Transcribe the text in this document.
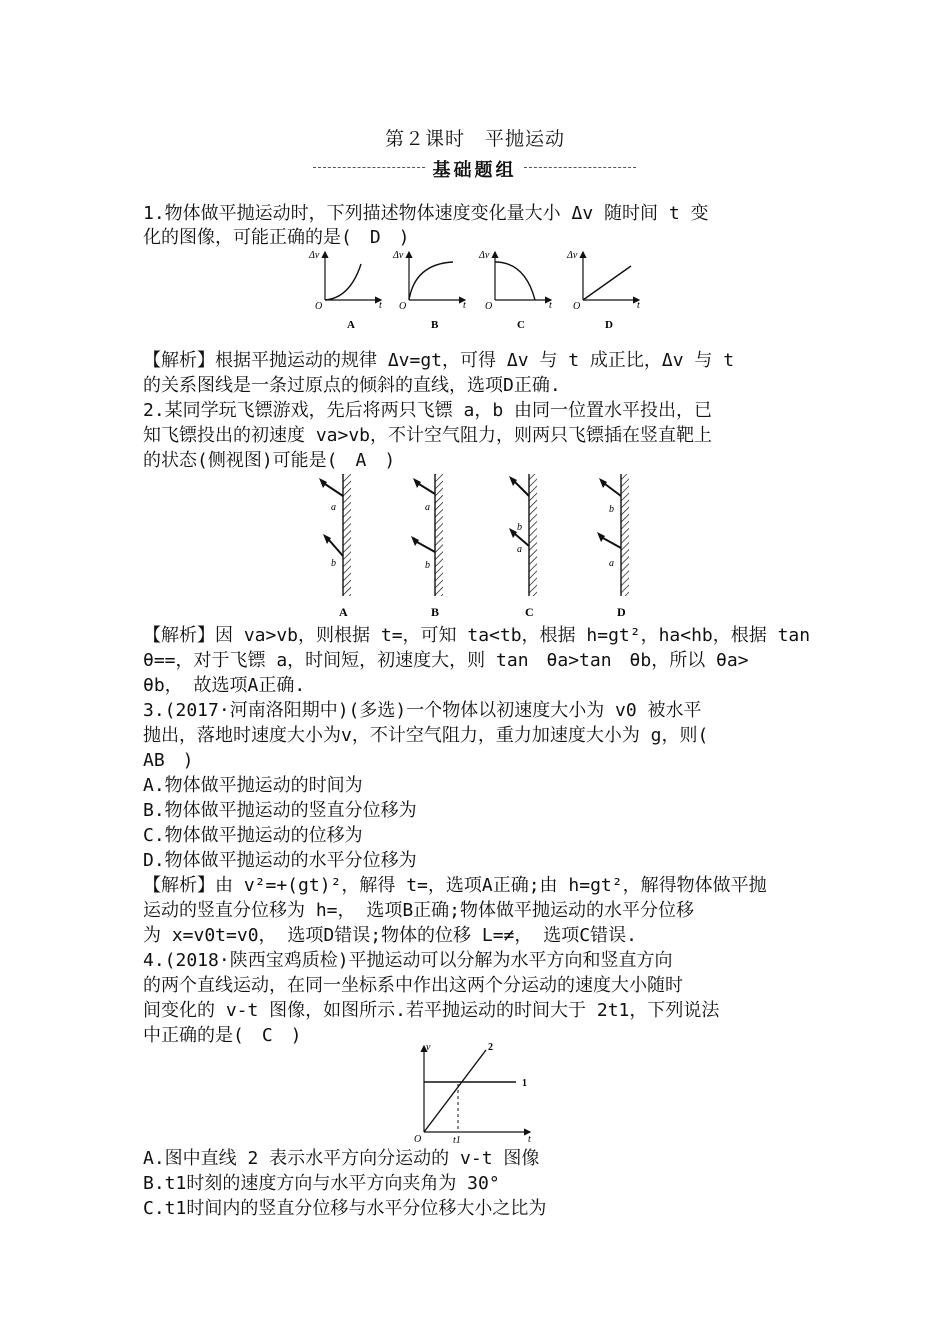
第２课时　平抛运动
基础题组
1.物体做平抛运动时，下列描述物体速度变化量大小 Δv 随时间 t 变
化的图像，可能正确的是(　D　)
Δv
O	t
A
Δv
O	t
B
Δv
O	t
C
Δv
O	t
D
【解析】根据平抛运动的规律 Δv=gt，可得 Δv 与 t 成正比，Δv 与 t
的关系图线是一条过原点的倾斜的直线，选项D正确.
2.某同学玩飞镖游戏，先后将两只飞镖 a，b 由同一位置水平投出，已
知飞镖投出的初速度 va>vb，不计空气阻力，则两只飞镖插在竖直靶上
的状态(侧视图)可能是(　A　)
a
b
A
a
b
B
b
a
C
b
a
D
【解析】因 va>vb，则根据 t=，可知 ta<tb，根据 h=gt²，ha<hb，根据 tan
θ==，对于飞镖 a，时间短，初速度大，则 tan　θa>tan　θb，所以 θa>
θb， 故选项A正确.
3.(2017·河南洛阳期中)(多选)一个物体以初速度大小为 v0 被水平
抛出，落地时速度大小为v，不计空气阻力，重力加速度大小为 g，则(
AB　)
A.物体做平抛运动的时间为
B.物体做平抛运动的竖直分位移为
C.物体做平抛运动的位移为
D.物体做平抛运动的水平分位移为
【解析】由 v²=+(gt)²，解得 t=，选项A正确;由 h=gt²，解得物体做平抛
运动的竖直分位移为 h=， 选项B正确;物体做平抛运动的水平分位移
为 x=v0t=v0， 选项D错误;物体的位移 L=≠， 选项C错误.
4.(2018·陕西宝鸡质检)平抛运动可以分解为水平方向和竖直方向
的两个直线运动，在同一坐标系中作出这两个分运动的速度大小随时
间变化的 v-t 图像，如图所示.若平抛运动的时间大于 2t1，下列说法
中正确的是(　C　)
v
O	t
t1
1
2
A.图中直线 2 表示水平方向分运动的 v-t 图像
B.t1时刻的速度方向与水平方向夹角为 30°
C.t1时间内的竖直分位移与水平分位移大小之比为
